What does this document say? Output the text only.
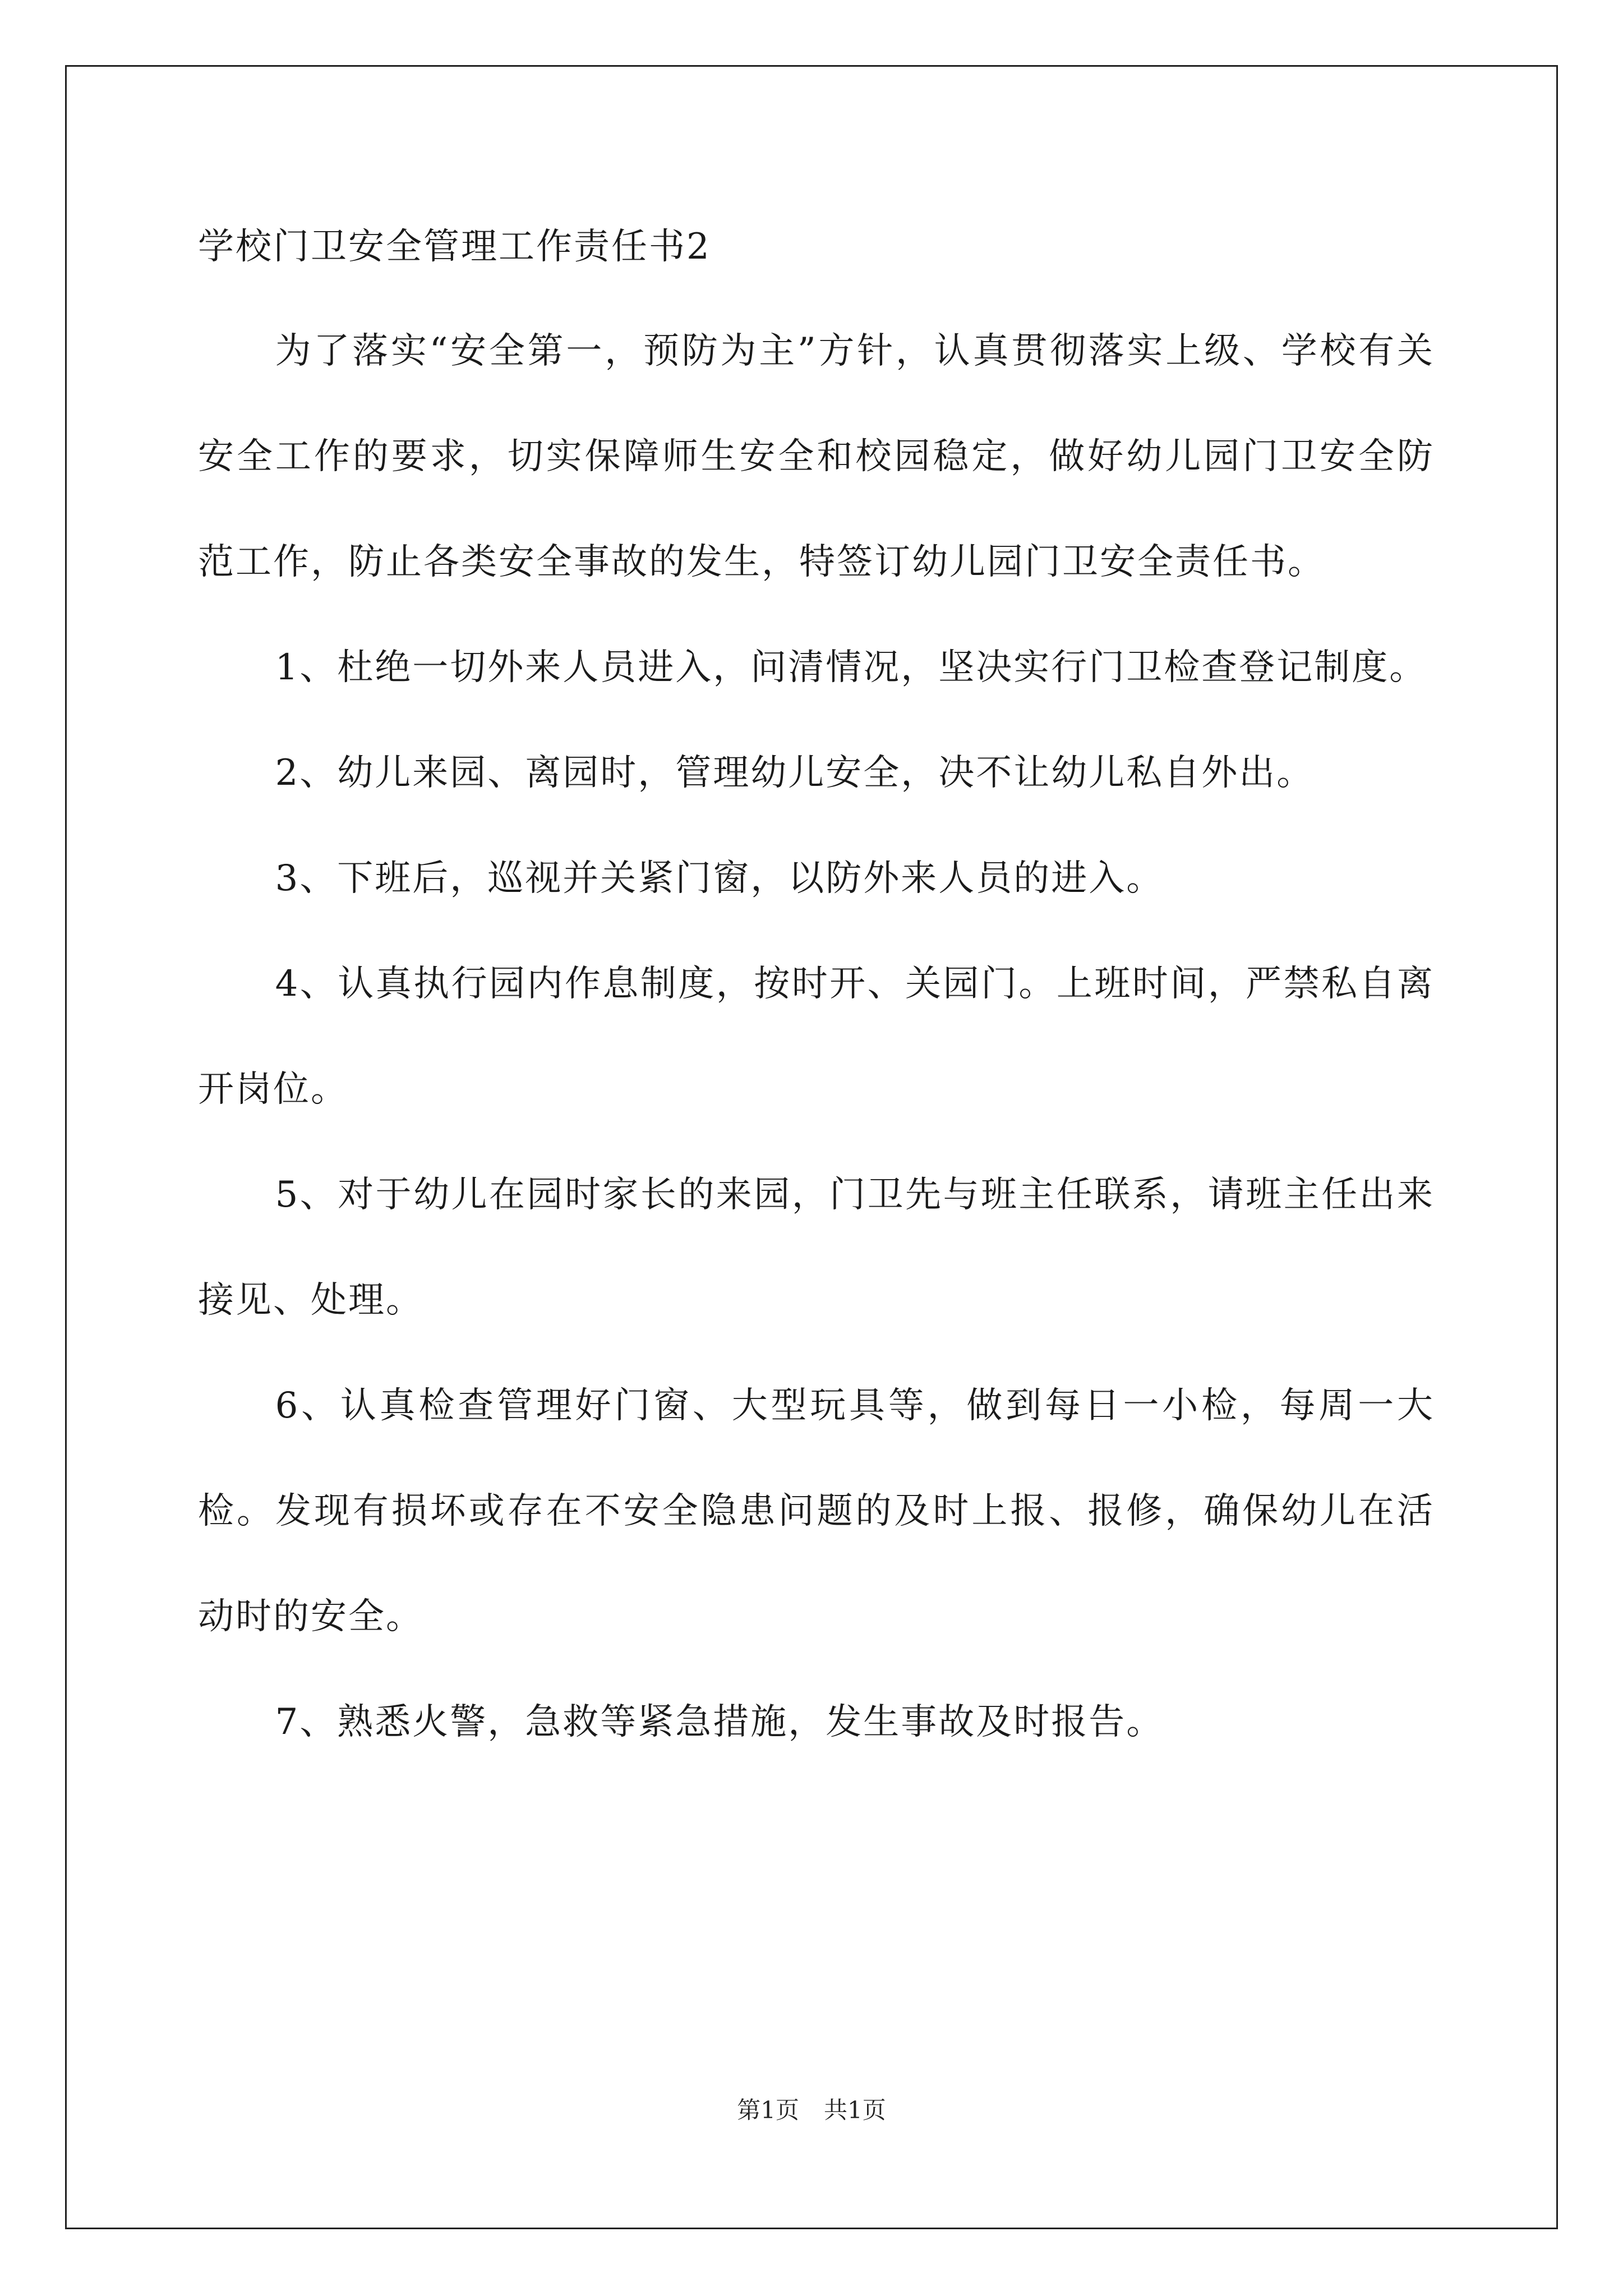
学校门卫安全管理工作责任书2

为了落实“安全第一，预防为主”方针，认真贯彻落实上级、学校有关安全工作的要求，切实保障师生安全和校园稳定，做好幼儿园门卫安全防范工作，防止各类安全事故的发生，特签订幼儿园门卫安全责任书。

1、杜绝一切外来人员进入，问清情况，坚决实行门卫检查登记制度。

2、幼儿来园、离园时，管理幼儿安全，决不让幼儿私自外出。

3、下班后，巡视并关紧门窗，以防外来人员的进入。

4、认真执行园内作息制度，按时开、关园门。上班时间，严禁私自离开岗位。

5、对于幼儿在园时家长的来园，门卫先与班主任联系，请班主任出来接见、处理。

6、认真检查管理好门窗、大型玩具等，做到每日一小检，每周一大检。发现有损坏或存在不安全隐患问题的及时上报、报修，确保幼儿在活动时的安全。

7、熟悉火警，急救等紧急措施，发生事故及时报告。

第1页 共1页
